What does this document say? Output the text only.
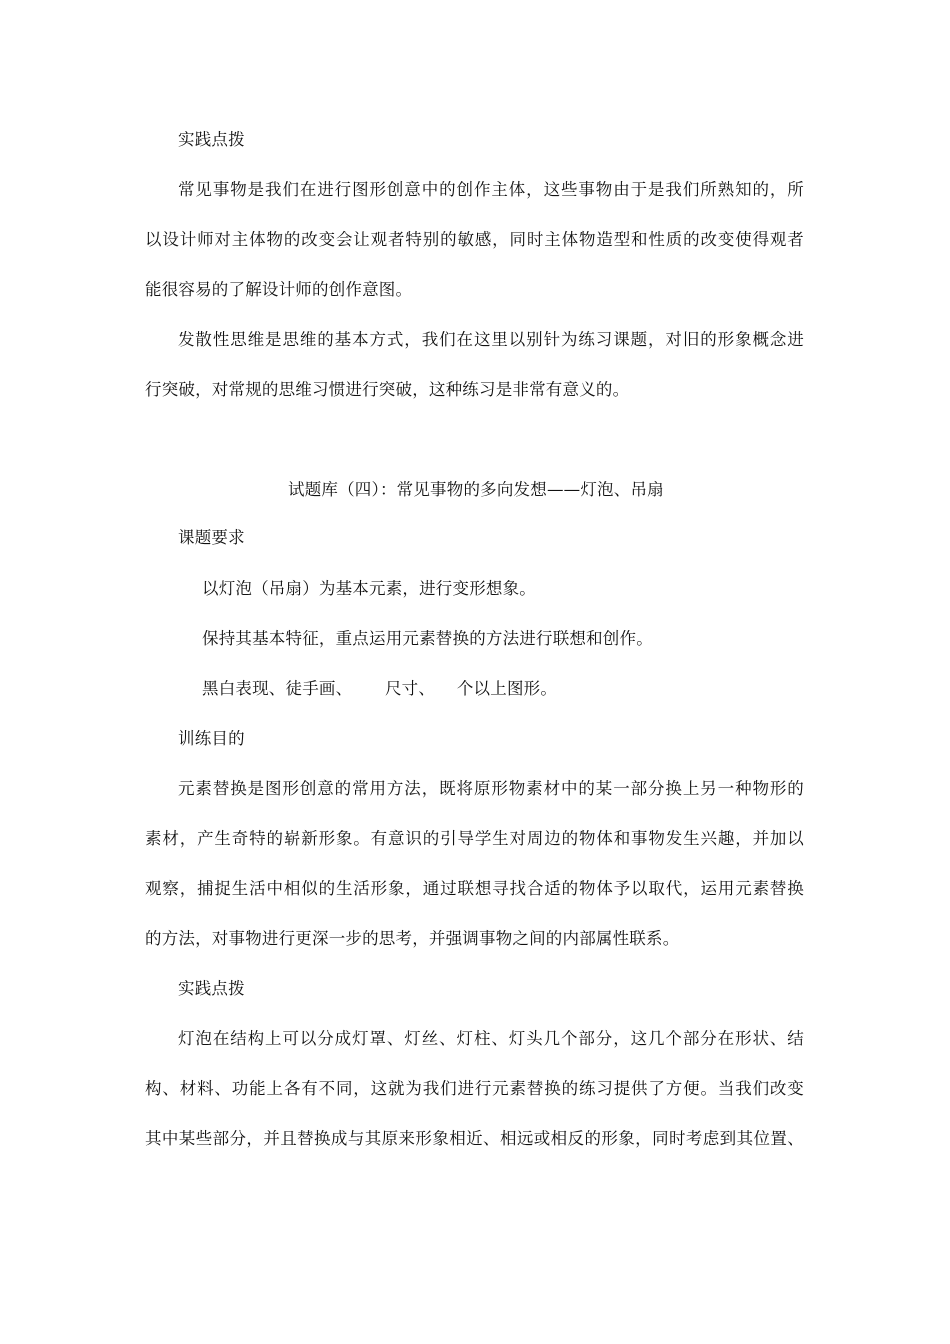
实践点拨
常见事物是我们在进行图形创意中的创作主体，这些事物由于是我们所熟知的，所
以设计师对主体物的改变会让观者特别的敏感，同时主体物造型和性质的改变使得观者
能很容易的了解设计师的创作意图。
发散性思维是思维的基本方式，我们在这里以别针为练习课题，对旧的形象概念进
行突破，对常规的思维习惯进行突破，这种练习是非常有意义的。
试题库（四）：常见事物的多向发想——灯泡、吊扇
课题要求
以灯泡（吊扇）为基本元素，进行变形想象。
保持其基本特征，重点运用元素替换的方法进行联想和创作。
黑白表现、徒手画、      尺寸、    个以上图形。
训练目的
元素替换是图形创意的常用方法，既将原形物素材中的某一部分换上另一种物形的
素材，产生奇特的崭新形象。有意识的引导学生对周边的物体和事物发生兴趣，并加以
观察，捕捉生活中相似的生活形象，通过联想寻找合适的物体予以取代，运用元素替换
的方法，对事物进行更深一步的思考，并强调事物之间的内部属性联系。
实践点拨
灯泡在结构上可以分成灯罩、灯丝、灯柱、灯头几个部分，这几个部分在形状、结
构、材料、功能上各有不同，这就为我们进行元素替换的练习提供了方便。当我们改变
其中某些部分，并且替换成与其原来形象相近、相远或相反的形象，同时考虑到其位置、
